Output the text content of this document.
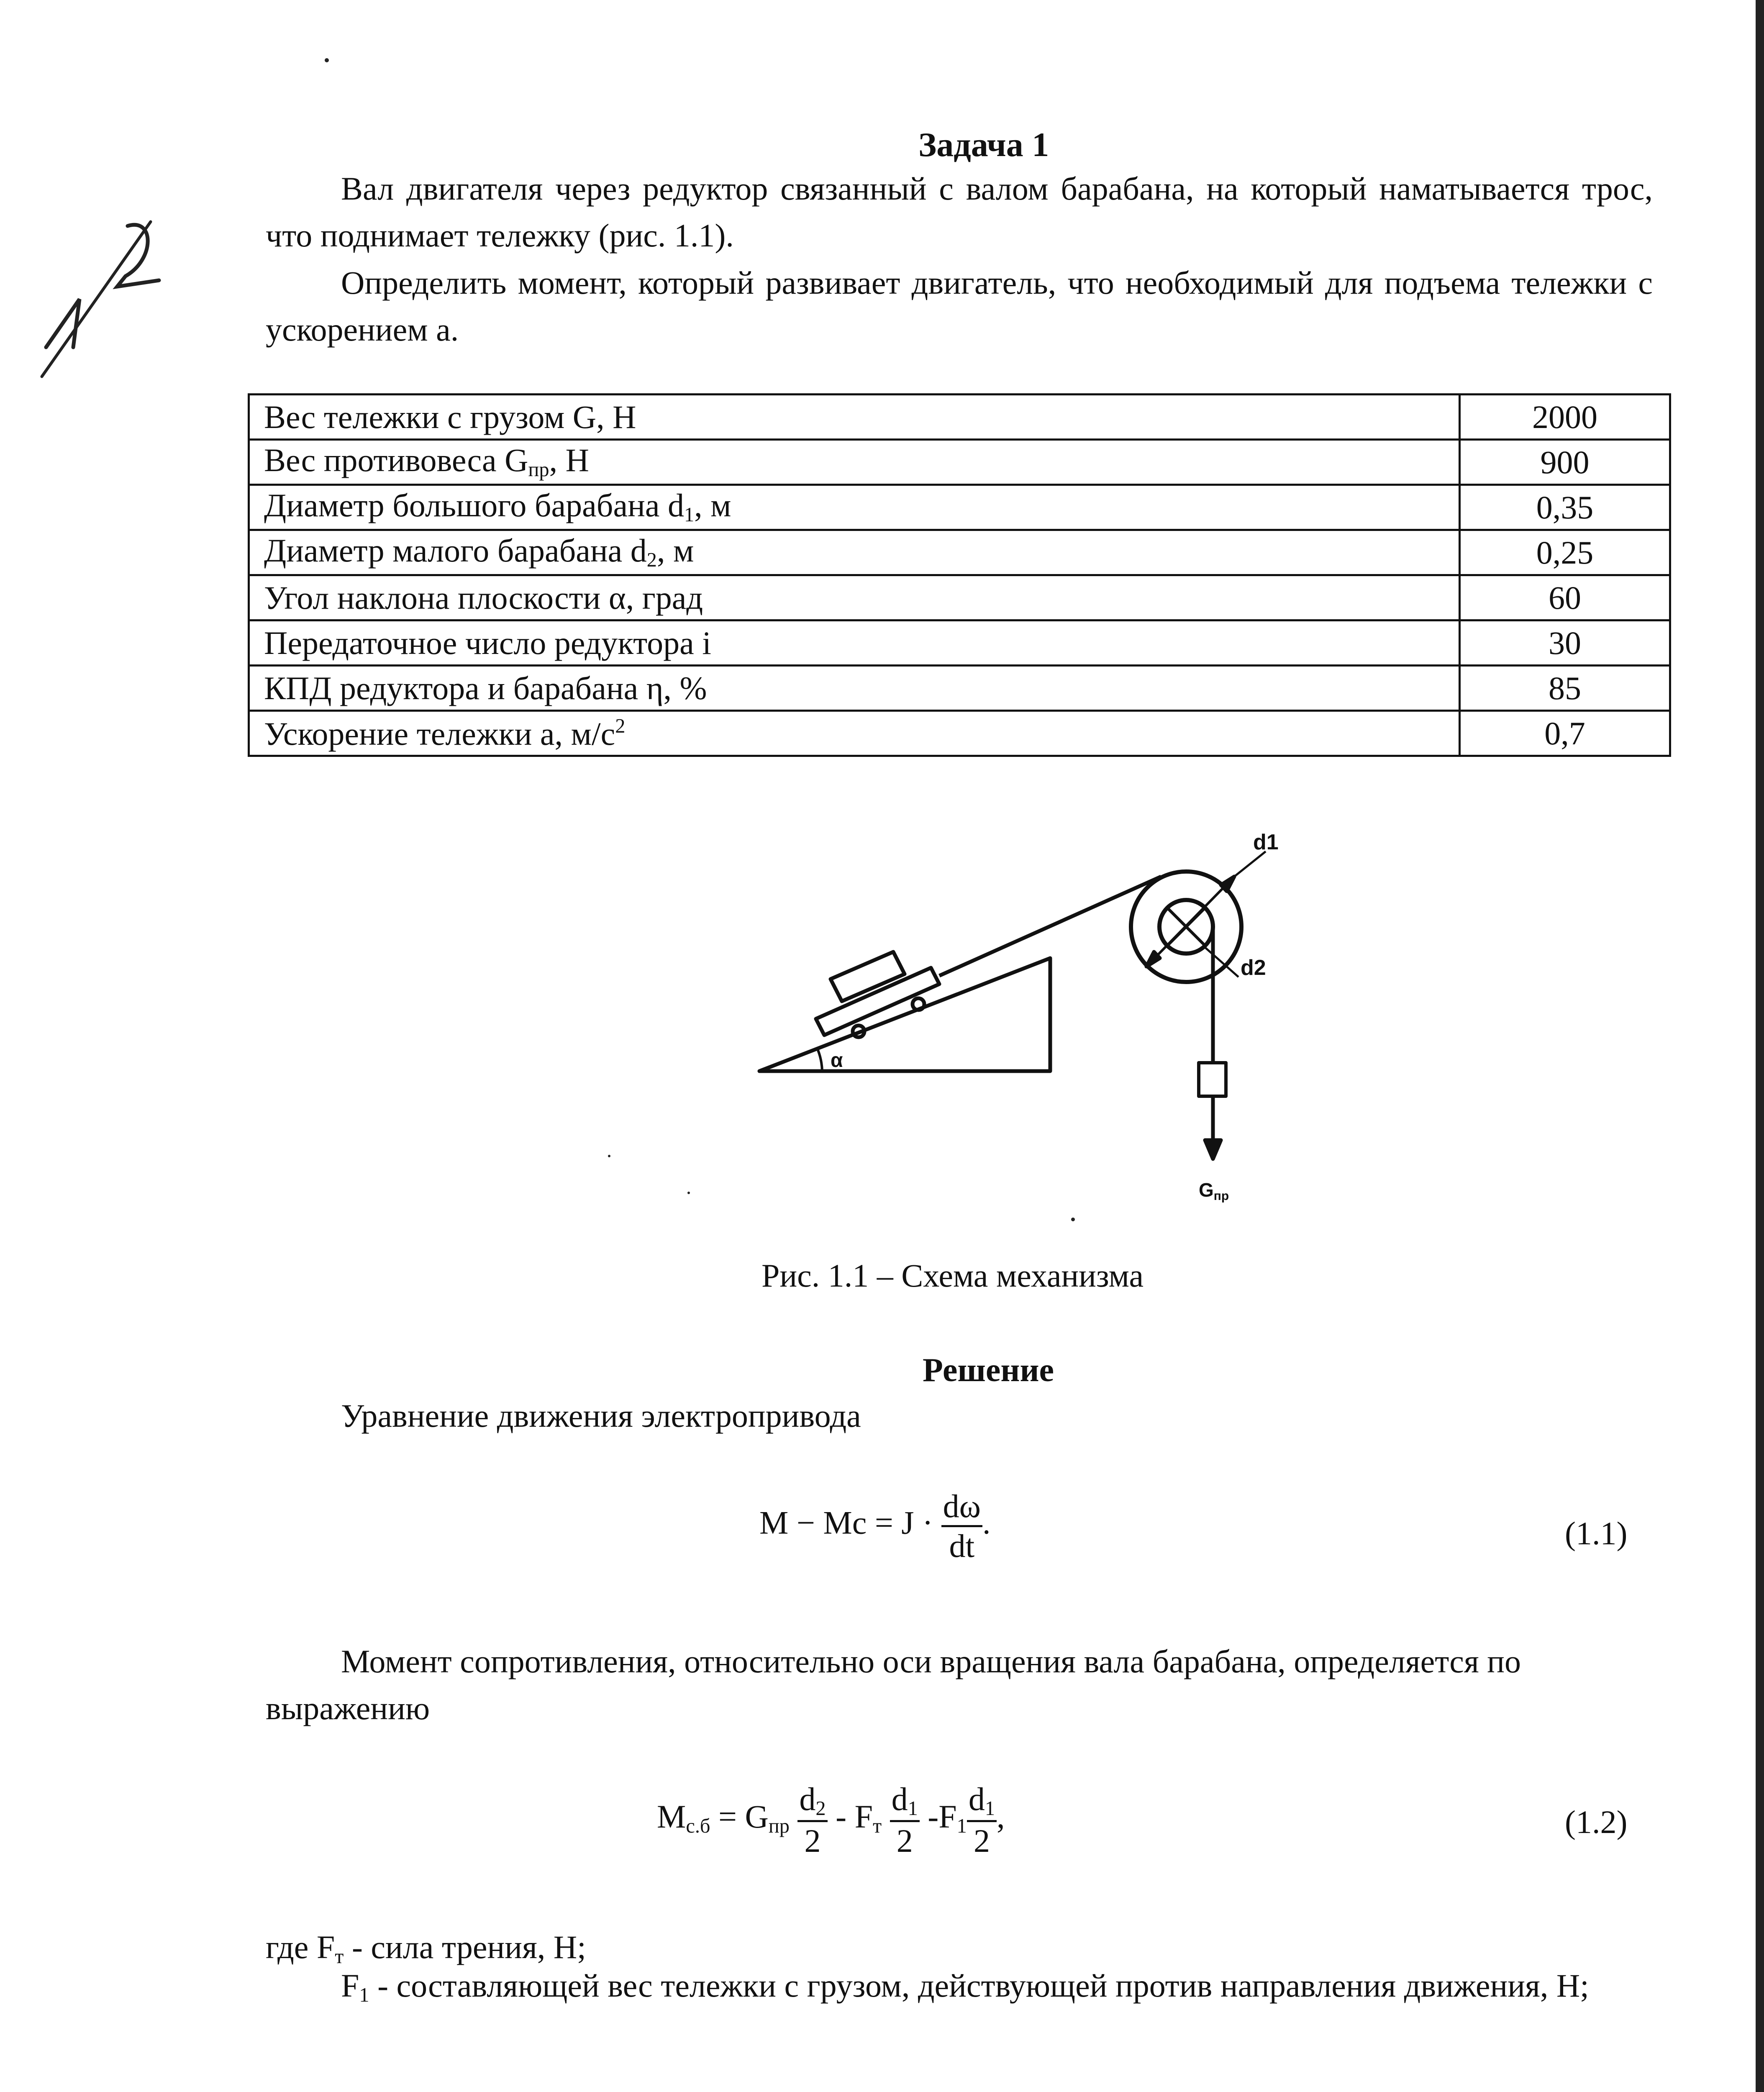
Задача 1
Вал двигателя через редуктор связанный с валом барабана, на который наматывается трос, что поднимает тележку (рис. 1.1).
Определить момент, который развивает двигатель, что необходимый для подъема тележки с ускорением a.
Вес тележки с грузом G, Н	2000
Вес противовеса $G_{пр}$, Н	900
Диаметр большого барабана $d_1$, м	0,35
Диаметр малого барабана $d_2$, м	0,25
Угол наклона плоскости α, град	60
Передаточное число редуктора i	30
КПД редуктора и барабана η, %	85
Ускорение тележки a, $м/с^2$	0,7
α
d1
d2
Gпр
Рис. 1.1 – Схема механизма
Решение
Уравнение движения электропривода
$M - Mc = J \cdot \frac{d\omega}{dt}$ .	(1.1)
Момент сопротивления, относительно оси вращения вала барабана, определяется по выражению
$M_{с.б} = G_{пр} \frac{d_2}{2} - F_т \frac{d_1}{2} -F_1 \frac{d_1}{2}$ ,	(1.2)
где $F_т$ - сила трения, Н;
$F_1$ - составляющей вес тележки с грузом, действующей против направления движения, Н;
